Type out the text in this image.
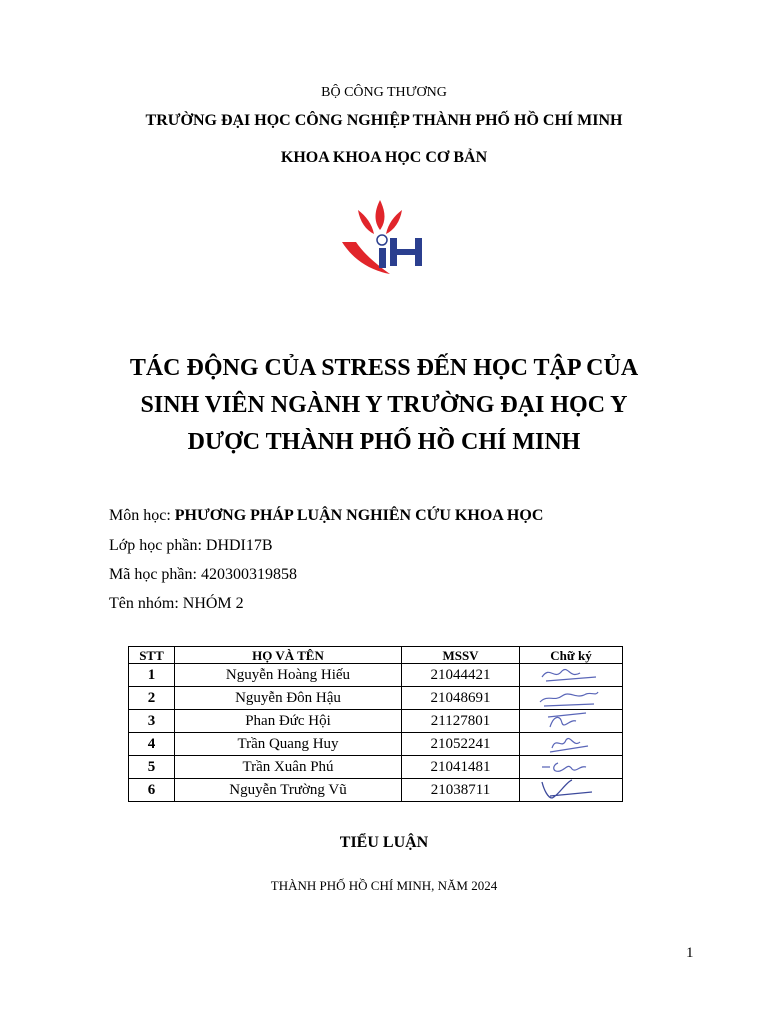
BỘ CÔNG THƯƠNG
TRƯỜNG ĐẠI HỌC CÔNG NGHIỆP THÀNH PHỐ HỒ CHÍ MINH
KHOA KHOA HỌC CƠ BẢN
TÁC ĐỘNG CỦA STRESS ĐẾN HỌC TẬP CỦA
SINH VIÊN NGÀNH Y TRƯỜNG ĐẠI HỌC Y
DƯỢC THÀNH PHỐ HỒ CHÍ MINH
Môn học: PHƯƠNG PHÁP LUẬN NGHIÊN CỨU KHOA HỌC
Lớp học phần: DHDI17B
Mã học phần: 420300319858
Tên nhóm: NHÓM 2
STT	HỌ VÀ TÊN	MSSV	Chữ ký
1	Nguyễn Hoàng Hiếu	21044421	

2	Nguyễn Đôn Hậu	21048691	

3	Phan Đức Hội	21127801	

4	Trần Quang Huy	21052241	

5	Trần Xuân Phú	21041481	

6	Nguyễn Trường Vũ	21038711	
TIỂU LUẬN
THÀNH PHỐ HỒ CHÍ MINH, NĂM 2024
1
